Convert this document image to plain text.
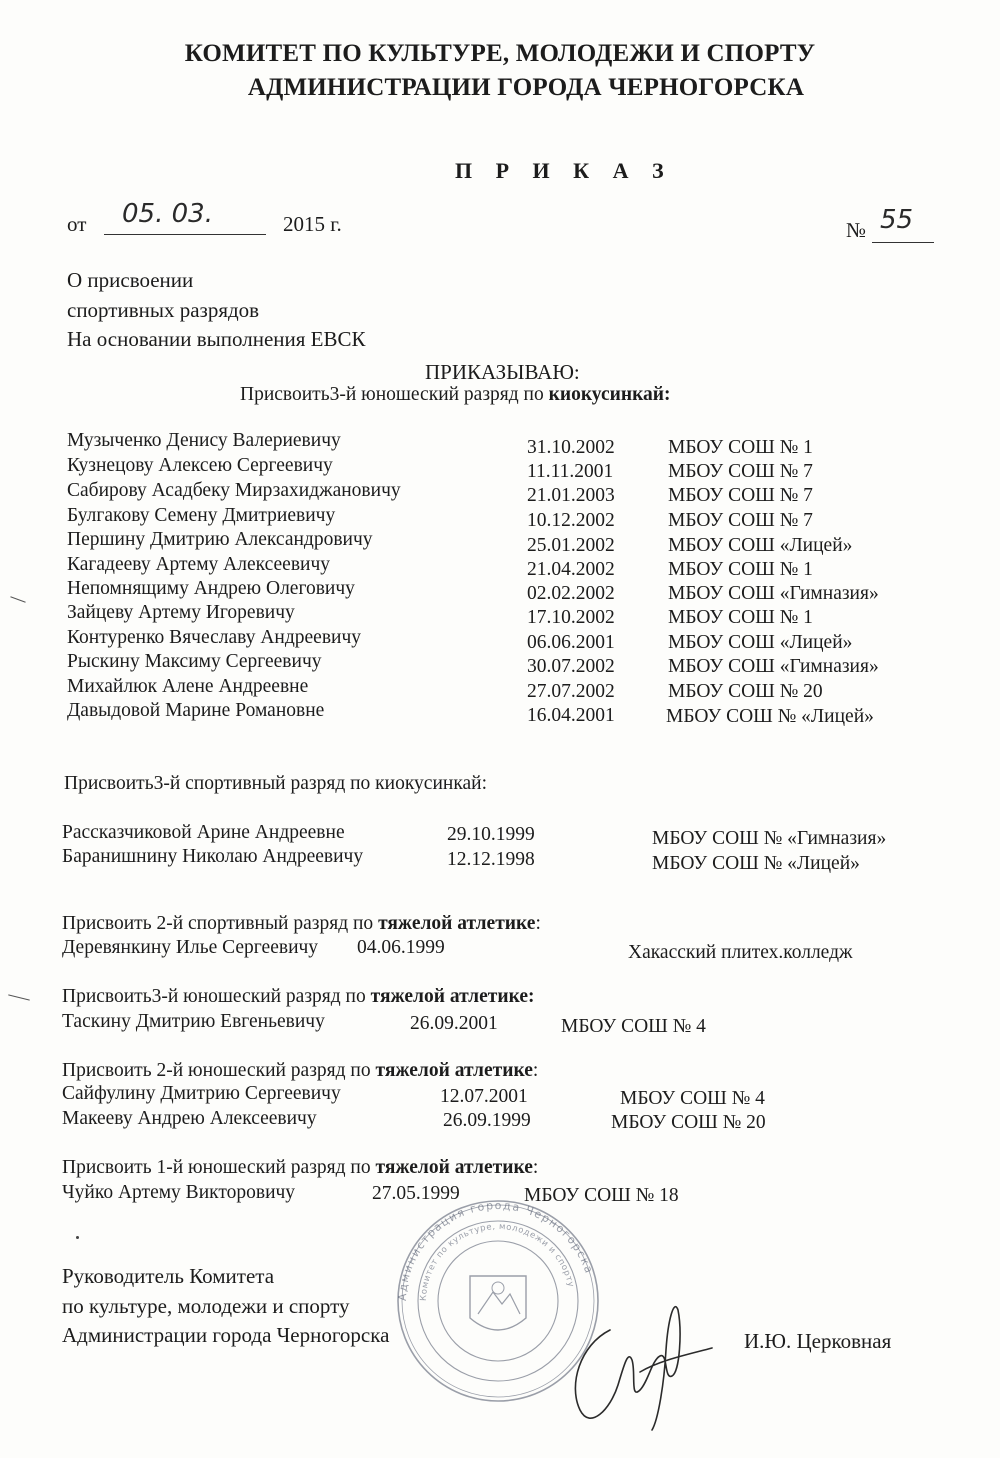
КОМИТЕТ ПО КУЛЬТУРЕ, МОЛОДЕЖИ И СПОРТУ
АДМИНИСТРАЦИИ ГОРОДА ЧЕРНОГОРСКА
П Р И К А З
от 05. 03.	2015 г.	№ 55
О присвоении
спортивных разрядов
На основании выполнения ЕВСК
ПРИКАЗЫВАЮ:
Присвоить3-й юношеский разряд по киокусинкай:
Музыченко Денису Валериевичу	31.10.2002	МБОУ СОШ № 1
Кузнецову Алексею Сергеевичу	11.11.2001	МБОУ СОШ № 7
Сабирову Асадбеку Мирзахиджановичу	21.01.2003	МБОУ СОШ № 7
Булгакову Семену Дмитриевичу	10.12.2002	МБОУ СОШ № 7
Першину Дмитрию Александровичу	25.01.2002	МБОУ СОШ «Лицей»
Кагадееву Артему Алексеевичу	21.04.2002	МБОУ СОШ № 1
Непомнящиму Андрею Олеговичу	02.02.2002	МБОУ СОШ «Гимназия»
Зайцеву Артему Игоревичу	17.10.2002	МБОУ СОШ № 1
Контуренко Вячеславу Андреевичу	06.06.2001	МБОУ СОШ «Лицей»
Рыскину Максиму Сергеевичу	30.07.2002	МБОУ СОШ «Гимназия»
Михайлюк Алене Андреевне	27.07.2002	МБОУ СОШ № 20
Давыдовой Марине Романовне	16.04.2001	МБОУ СОШ № «Лицей»
Присвоить3-й спортивный разряд по киокусинкай:
Рассказчиковой Арине Андреевне	29.10.1999	МБОУ СОШ № «Гимназия»
Баранишнину Николаю Андреевичу	12.12.1998	МБОУ СОШ № «Лицей»
Присвоить 2-й спортивный разряд по тяжелой атлетике:
Деревянкину Илье Сергеевичу 04.06.1999	Хакасский плитех.колледж
Присвоить3-й юношеский разряд по тяжелой атлетике:
Таскину Дмитрию Евгеньевичу	26.09.2001	МБОУ СОШ № 4
Присвоить 2-й юношеский разряд по тяжелой атлетике:
Сайфулину Дмитрию Сергеевичу	12.07.2001	МБОУ СОШ № 4
Макееву Андрею Алексеевичу	26.09.1999	МБОУ СОШ № 20
Присвоить 1-й юношеский разряд по тяжелой атлетике:
Чуйко Артему Викторовичу	27.05.1999	МБОУ СОШ № 18
Администрация города Черногорска
Комитет по культуре, молодежи и спорту
Руководитель Комитета
по культуре, молодежи и спорту
Администрации города Черногорска	И.Ю. Церковная
